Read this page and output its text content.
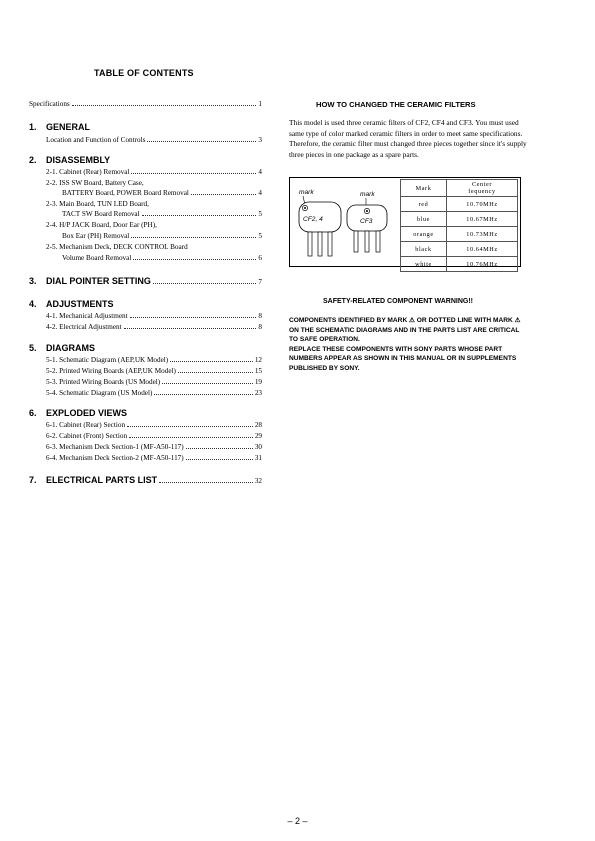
TABLE OF CONTENTS
Specifications	1
1.	GENERAL
Location and Function of Controls	3
2.	DISASSEMBLY
2-1. Cabinet (Rear) Removal	4
2-2. ISS SW Board, Battery Case,
BATTERY Board, POWER Board Removal	4
2-3. Main Board, TUN LED Board,
TACT SW Board Removal	5
2-4. H/P JACK Board, Door Ear (PH),
Box Ear (PH) Removal	5
2-5. Mechanism Deck, DECK CONTROL Board
Volume Board Removal	6
3.	DIAL POINTER SETTING	7
4.	ADJUSTMENTS
4-1. Mechanical Adjustment	8
4-2. Electrical Adjustment	8
5.	DIAGRAMS
5-1. Schematic Diagram (AEP,UK Model)	12
5-2. Printed Wiring Boards (AEP,UK Model)	15
5-3. Printed Wiring Boards (US Model)	19
5-4. Schematic Diagram (US Model)	23
6.	EXPLODED VIEWS
6-1. Cabinet (Rear) Section	28
6-2. Cabinet (Front) Section	29
6-3. Mechanism Deck Section-1 (MF-A50-117)	30
6-4. Mechanism Deck Section-2 (MF-A50-117)	31
7.	ELECTRICAL PARTS LIST	32
HOW TO CHANGED THE CERAMIC FILTERS
This model is used three ceramic filters of CF2, CF4 and CF3. You must used same type of color marked ceramic filters in order to meet same specifications.
Therefore, the ceramic filter must changed three pieces together since it's supply three pieces in one package as a spare parts.
mark
CF2, 4
mark
CF3
Mark	Center
fequency

red	10.70MHz
blue	10.67MHz
orange	10.73MHz
black	10.64MHz
white	10.76MHz
SAFETY-RELATED COMPONENT WARNING!!
COMPONENTS IDENTIFIED BY MARK ⚠ OR DOTTED LINE WITH MARK ⚠ ON THE SCHEMATIC DIAGRAMS AND IN THE PARTS LIST ARE CRITICAL TO SAFE OPERATION.
REPLACE THESE COMPONENTS WITH SONY PARTS WHOSE PART NUMBERS APPEAR AS SHOWN IN THIS MANUAL OR IN SUPPLEMENTS PUBLISHED BY SONY.
– 2 –
